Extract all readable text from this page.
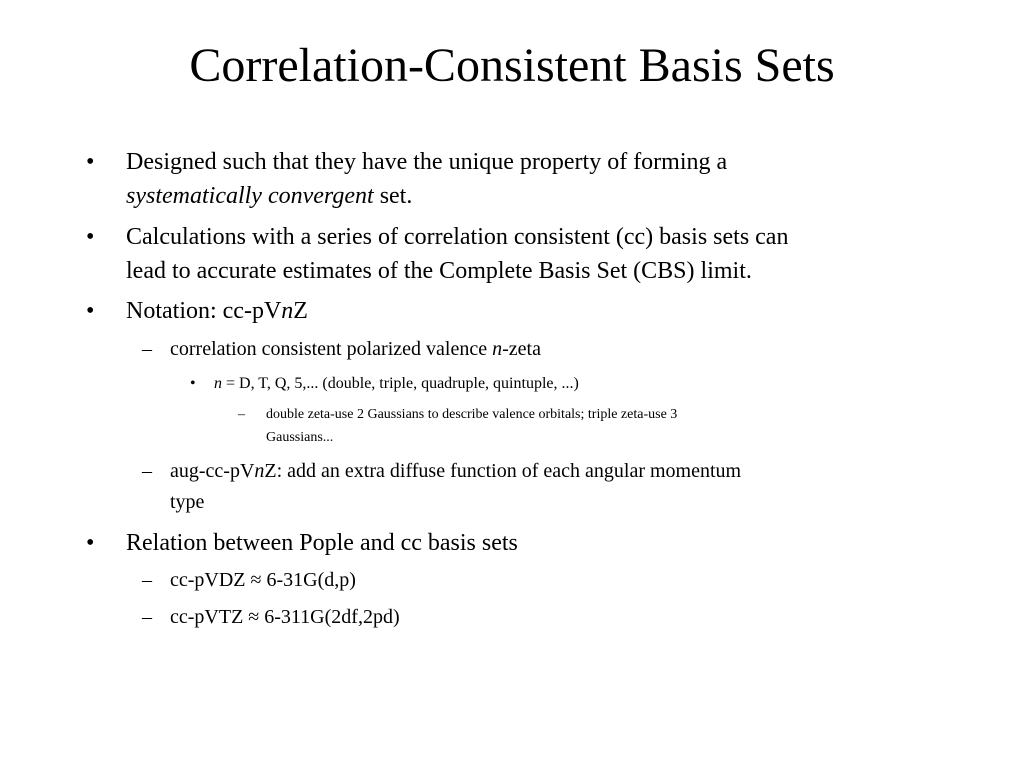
Correlation-Consistent Basis Sets
•	Designed such that they have the unique property of forming a
systematically convergent set.
•	Calculations with a series of correlation consistent (cc) basis sets can
lead to accurate estimates of the Complete Basis Set (CBS) limit.
•	Notation: cc-pVnZ
– correlation consistent polarized valence n-zeta
•	n = D, T, Q, 5,... (double, triple, quadruple, quintuple, ...)
–	double zeta-use 2 Gaussians to describe valence orbitals; triple zeta-use 3
Gaussians...
– aug-cc-pVnZ: add an extra diffuse function of each angular momentum
type
•	Relation between Pople and cc basis sets
– cc-pVDZ ≈ 6-31G(d,p)
– cc-pVTZ ≈ 6-311G(2df,2pd)
